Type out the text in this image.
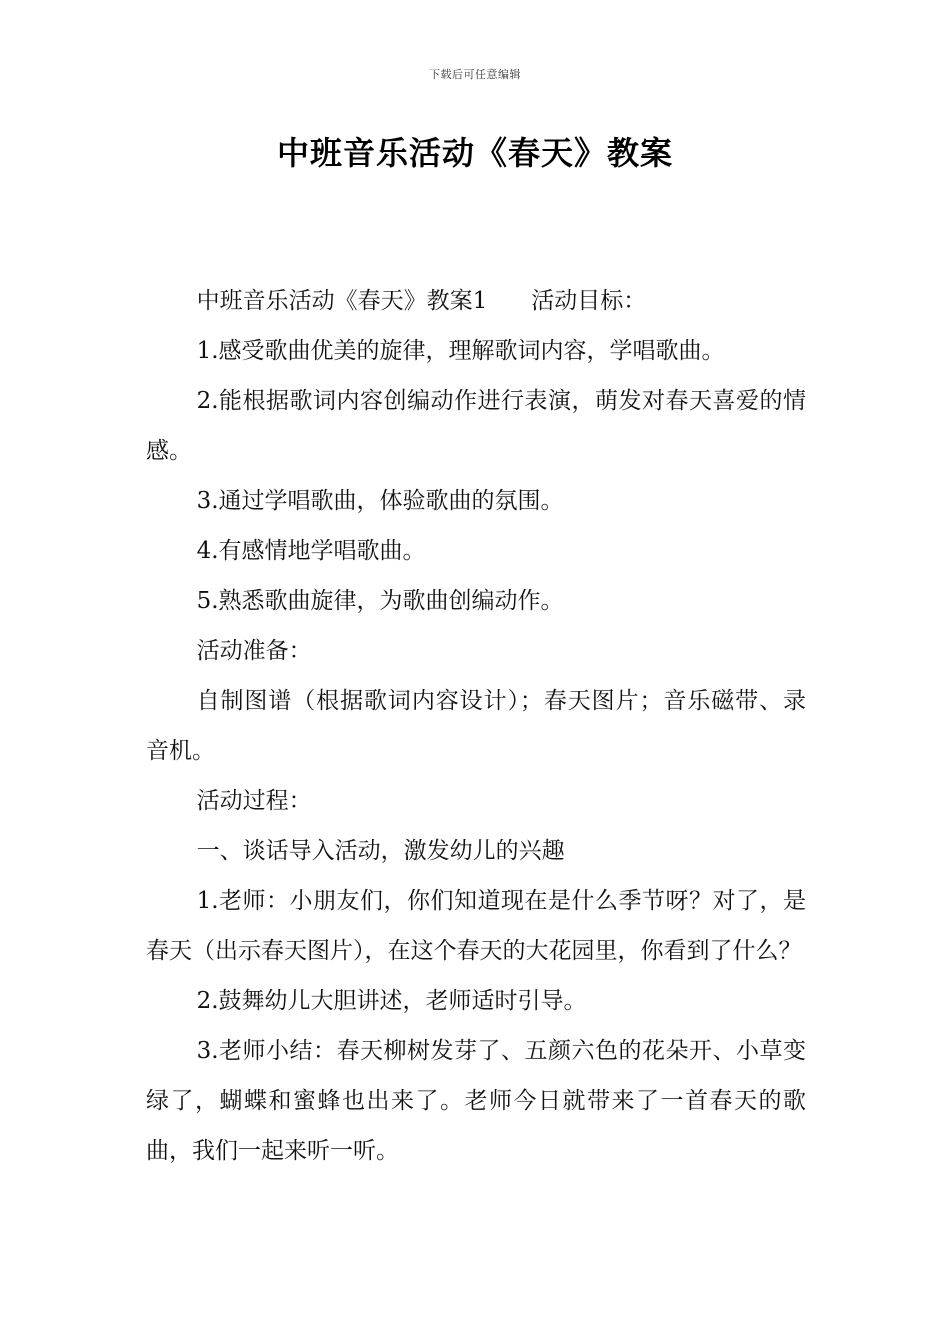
下载后可任意编辑
中班音乐活动《春天》教案

中班音乐活动《春天》教案1 活动目标：

1.感受歌曲优美的旋律，理解歌词内容，学唱歌曲。

2.能根据歌词内容创编动作进行表演，萌发对春天喜爱的情感。

3.通过学唱歌曲，体验歌曲的氛围。

4.有感情地学唱歌曲。

5.熟悉歌曲旋律，为歌曲创编动作。

活动准备：

自制图谱（根据歌词内容设计）；春天图片；音乐磁带、录音机。

活动过程：

一、谈话导入活动，激发幼儿的兴趣

1.老师：小朋友们，你们知道现在是什么季节呀？对了，是春天（出示春天图片），在这个春天的大花园里，你看到了什么？

2.鼓舞幼儿大胆讲述，老师适时引导。

3.老师小结：春天柳树发芽了、五颜六色的花朵开、小草变绿了，蝴蝶和蜜蜂也出来了。老师今日就带来了一首春天的歌曲，我们一起来听一听。
